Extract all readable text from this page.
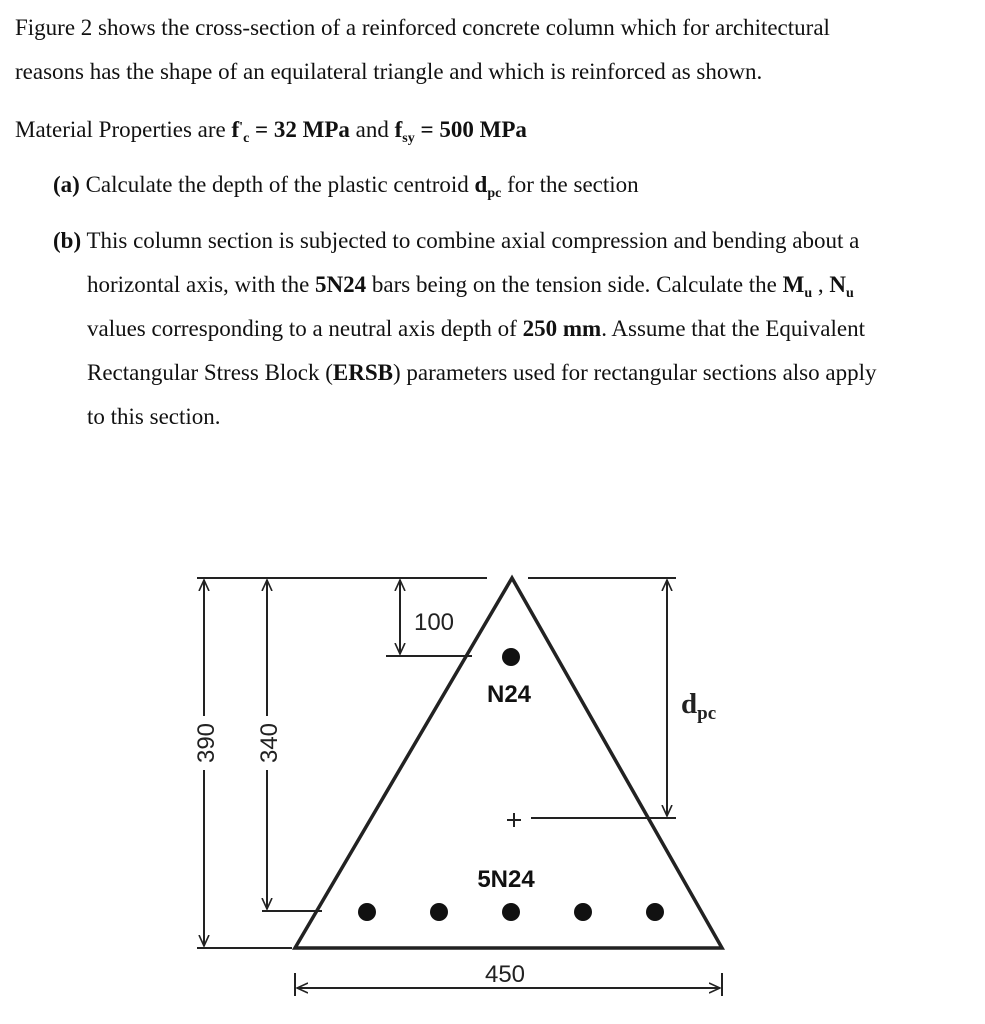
Figure 2 shows the cross-section of a reinforced concrete column which for architectural
reasons has the shape of an equilateral triangle and which is reinforced as shown.
Material Properties are $f'_c = 32$ MPa and $f_{sy} = 500$ MPa
(a) Calculate the depth of the plastic centroid $d_{pc}$ for the section
(b) This column section is subjected to combine axial compression and bending about a
horizontal axis, with the 5N24 bars being on the tension side. Calculate the $M_u$ , $N_u$
values corresponding to a neutral axis depth of 250 mm. Assume that the Equivalent
Rectangular Stress Block (ERSB) parameters used for rectangular sections also apply
to this section.
390 340
100
450
N24
5N24
dpc
